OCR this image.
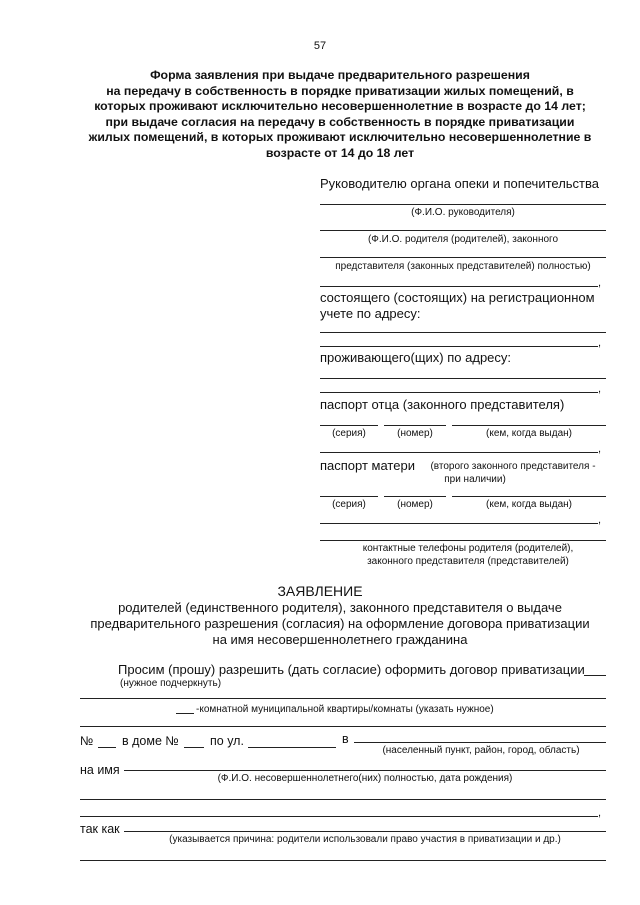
57
Форма заявления при выдаче предварительного разрешения
на передачу в собственность в порядке приватизации жилых помещений, в
которых проживают исключительно несовершеннолетние в возрасте до 14 лет;
при выдаче согласия на передачу в собственность в порядке приватизации
жилых помещений, в которых проживают исключительно несовершеннолетние в
возрасте от 14 до 18 лет
Руководителю органа опеки и попечительства
(Ф.И.О. руководителя)
(Ф.И.О. родителя (родителей), законного
представителя (законных представителей) полностью)
,
состоящего (состоящих) на регистрационном
учете по адресу:
,
проживающего(щих) по адресу:
,
паспорт отца (законного представителя)
(серия)	(номер)	(кем, когда выдан)
,
паспорт матери	(второго законного представителя -
при наличии)
(серия)	(номер)	(кем, когда выдан)
,
контактные телефоны родителя (родителей),
законного представителя (представителей)
ЗАЯВЛЕНИЕ
родителей (единственного родителя), законного представителя о выдаче
предварительного разрешения (согласия) на оформление договора приватизации
на имя несовершеннолетнего гражданина
Просим (прошу) разрешить (дать согласие) оформить договор приватизации
(нужное подчеркнуть)
-комнатной муниципальной квартиры/комнаты (указать нужное)
№ в доме № по ул.	в
(населенный пункт, район, город, область)
на имя
(Ф.И.О. несовершеннолетнего(них) полностью, дата рождения)
,
так как
(указывается причина: родители использовали право участия в приватизации и др.)
